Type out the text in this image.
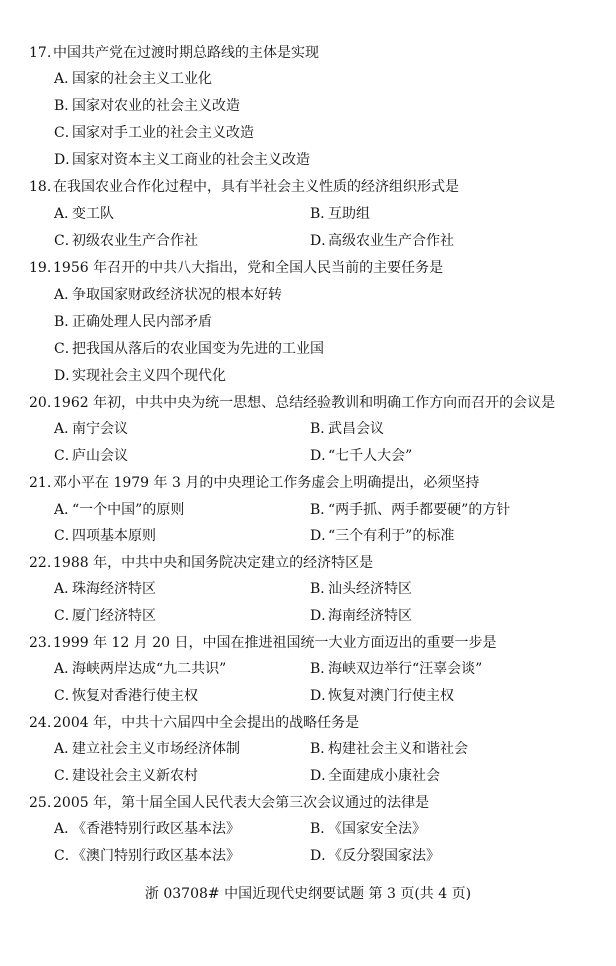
17. 中国共产党在过渡时期总路线的主体是实现
A．国家的社会主义工业化
B．国家对农业的社会主义改造
C．国家对手工业的社会主义改造
D．国家对资本主义工商业的社会主义改造
18. 在我国农业合作化过程中，具有半社会主义性质的经济组织形式是
A．变工队	B．互助组
C．初级农业生产合作社	D．高级农业生产合作社
19. 1956 年召开的中共八大指出，党和全国人民当前的主要任务是
A．争取国家财政经济状况的根本好转
B．正确处理人民内部矛盾
C．把我国从落后的农业国变为先进的工业国
D．实现社会主义四个现代化
20. 1962 年初，中共中央为统一思想、总结经验教训和明确工作方向而召开的会议是
A．南宁会议	B．武昌会议
C．庐山会议	D．“七千人大会”
21. 邓小平在 1979 年 3 月的中央理论工作务虚会上明确提出，必须坚持
A．“一个中国”的原则	B．“两手抓、两手都要硬”的方针
C．四项基本原则	D．“三个有利于”的标准
22. 1988 年，中共中央和国务院决定建立的经济特区是
A．珠海经济特区	B．汕头经济特区
C．厦门经济特区	D．海南经济特区
23. 1999 年 12 月 20 日，中国在推进祖国统一大业方面迈出的重要一步是
A．海峡两岸达成“九二共识”	B．海峡双边举行“汪辜会谈”
C．恢复对香港行使主权	D．恢复对澳门行使主权
24. 2004 年，中共十六届四中全会提出的战略任务是
A．建立社会主义市场经济体制	B．构建社会主义和谐社会
C．建设社会主义新农村	D．全面建成小康社会
25. 2005 年，第十届全国人民代表大会第三次会议通过的法律是
A．《香港特别行政区基本法》	B．《国家安全法》
C．《澳门特别行政区基本法》	D．《反分裂国家法》
浙 03708# 中国近现代史纲要试题 第 3 页(共 4 页)
